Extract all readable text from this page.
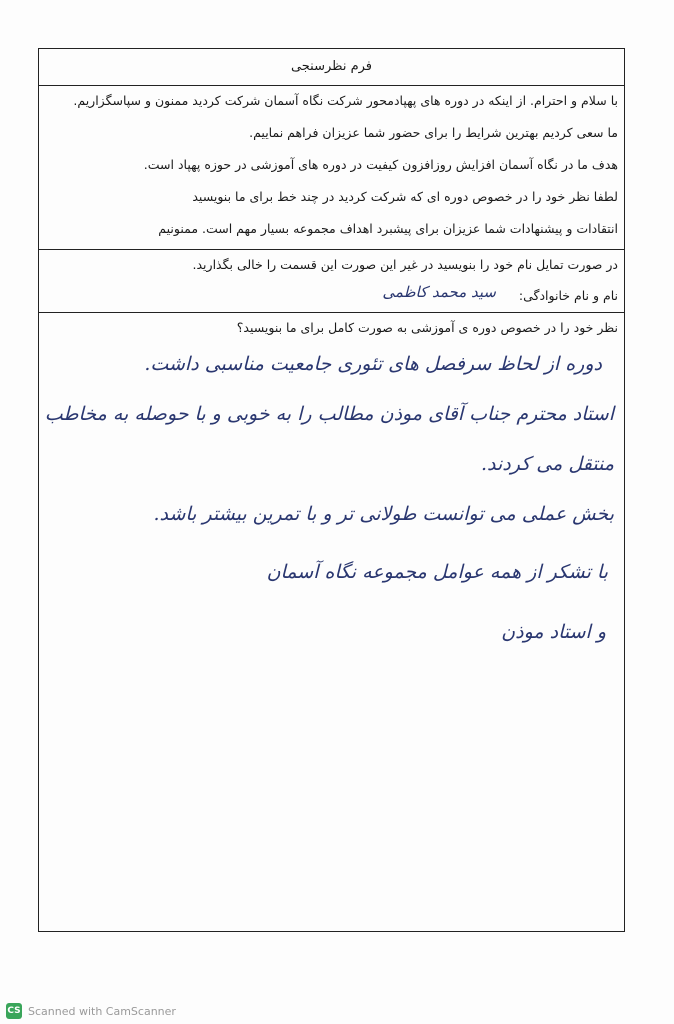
فرم نظرسنجی
با سلام و احترام. از اینکه در دوره های پهپادمحور شرکت نگاه آسمان شرکت کردید ممنون و سپاسگزاریم.
ما سعی کردیم بهترین شرایط را برای حضور شما عزیزان فراهم نماییم.
هدف ما در نگاه آسمان افزایش روزافزون کیفیت در دوره های آموزشی در حوزه پهپاد است.
لطفا نظر خود را در خصوص دوره ای که شرکت کردید در چند خط برای ما بنویسید
انتقادات و پیشنهادات شما عزیزان برای پیشبرد اهداف مجموعه بسیار مهم است. ممنونیم
در صورت تمایل نام خود را بنویسید در غیر این صورت این قسمت را خالی بگذارید.
نام و نام خانوادگی:
سید محمد کاظمی
نظر خود را در خصوص دوره ی آموزشی به صورت کامل برای ما بنویسید؟
دوره از لحاظ سرفصل های تئوری جامعیت مناسبی داشت.
استاد محترم جناب آقای موذن مطالب را به خوبی و با حوصله به مخاطب
منتقل می کردند.
بخش عملی می توانست طولانی تر و با تمرین بیشتر باشد.
با تشکر از همه عوامل مجموعه نگاه آسمان
و استاد موذن
CS Scanned with CamScanner
